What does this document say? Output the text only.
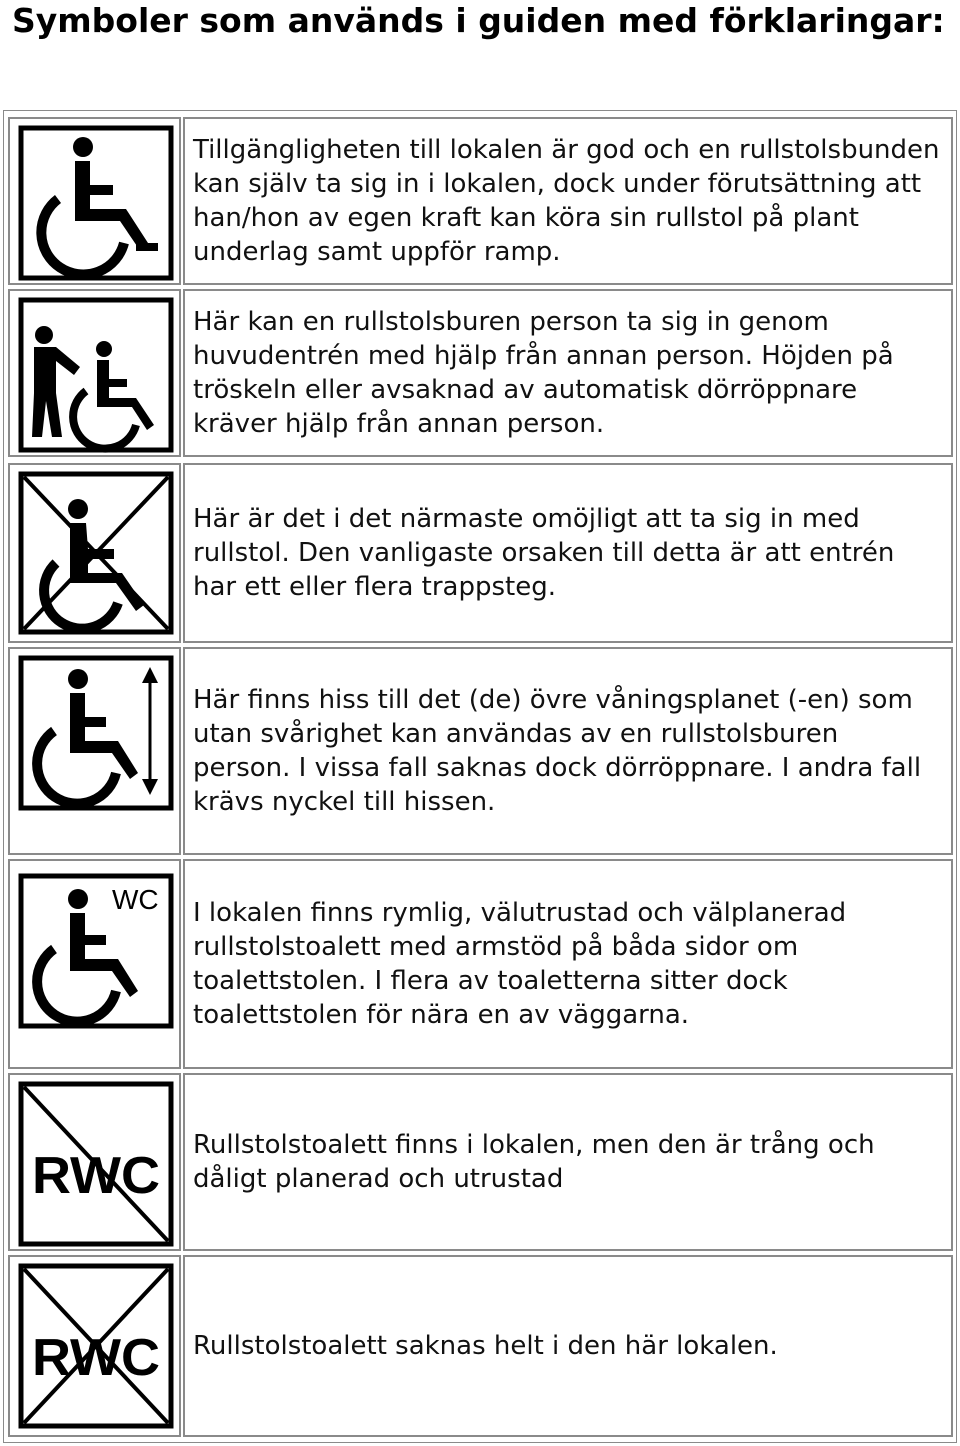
Symboler som används i guiden med förklaringar:

Tillgängligheten till lokalen är god och en rullstolsbunden kan själv ta sig in i lokalen, dock under förutsättning att han/hon av egen kraft kan köra sin rullstol på plant underlag samt uppför ramp.

Här kan en rullstolsburen person ta sig in genom huvudentrén med hjälp från annan person. Höjden på tröskeln eller avsaknad av automatisk dörröppnare kräver hjälp från annan person.

Här är det i det närmaste omöjligt att ta sig in med rullstol. Den vanligaste orsaken till detta är att entrén har ett eller flera trappsteg.

Här finns hiss till det (de) övre våningsplanet (-en) som utan svårighet kan användas av en rullstolsburen person. I vissa fall saknas dock dörröppnare. I andra fall krävs nyckel till hissen.

WC	I lokalen finns rymlig, välutrustad och välplanerad rullstolstoalett med armstöd på båda sidor om toalettstolen. I flera av toaletterna sitter dock toalettstolen för nära en av väggarna.

RWC

Rullstolstoalett finns i lokalen, men den är trång och dåligt planerad och utrustad

RWC	Rullstolstoalett saknas helt i den här lokalen.
